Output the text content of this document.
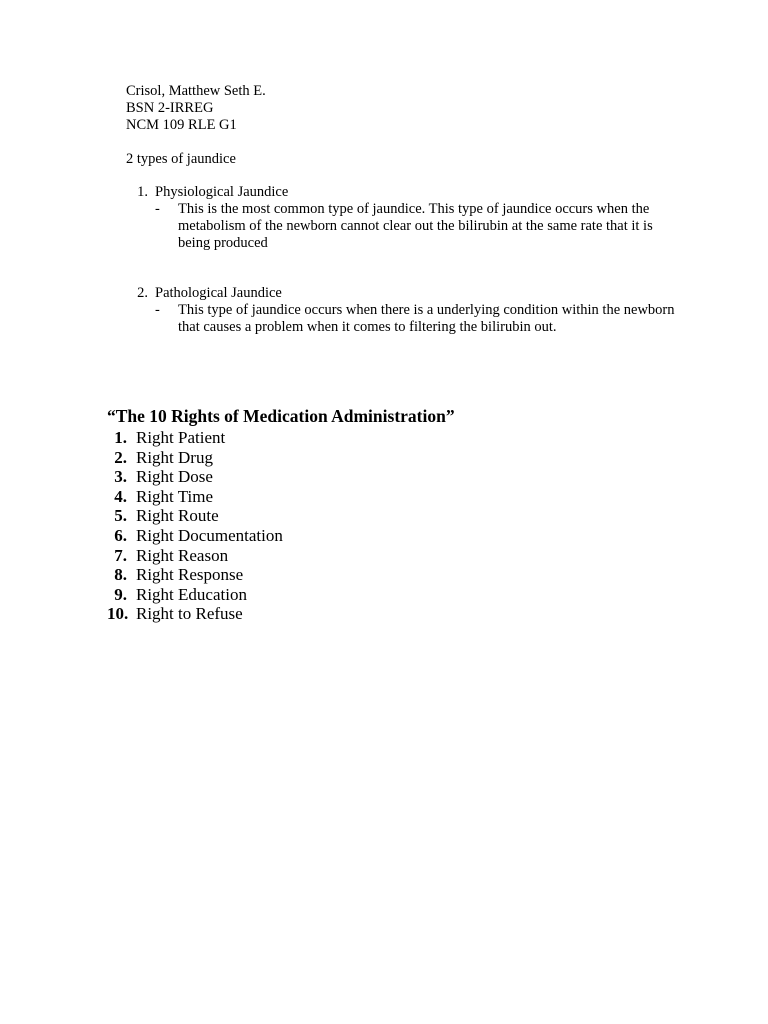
Crisol, Matthew Seth E.
BSN 2-IRREG
NCM 109 RLE G1
2 types of jaundice
1. Physiological Jaundice
-	This is the most common type of jaundice. This type of jaundice occurs when the metabolism of the newborn cannot clear out the bilirubin at the same rate that it is being produced
2. Pathological Jaundice
-	This type of jaundice occurs when there is a underlying condition within the newborn that causes a problem when it comes to filtering the bilirubin out.
“The 10 Rights of Medication Administration”
1. Right Patient
2. Right Drug
3. Right Dose
4. Right Time
5. Right Route
6. Right Documentation
7. Right Reason
8. Right Response
9. Right Education
10. Right to Refuse
